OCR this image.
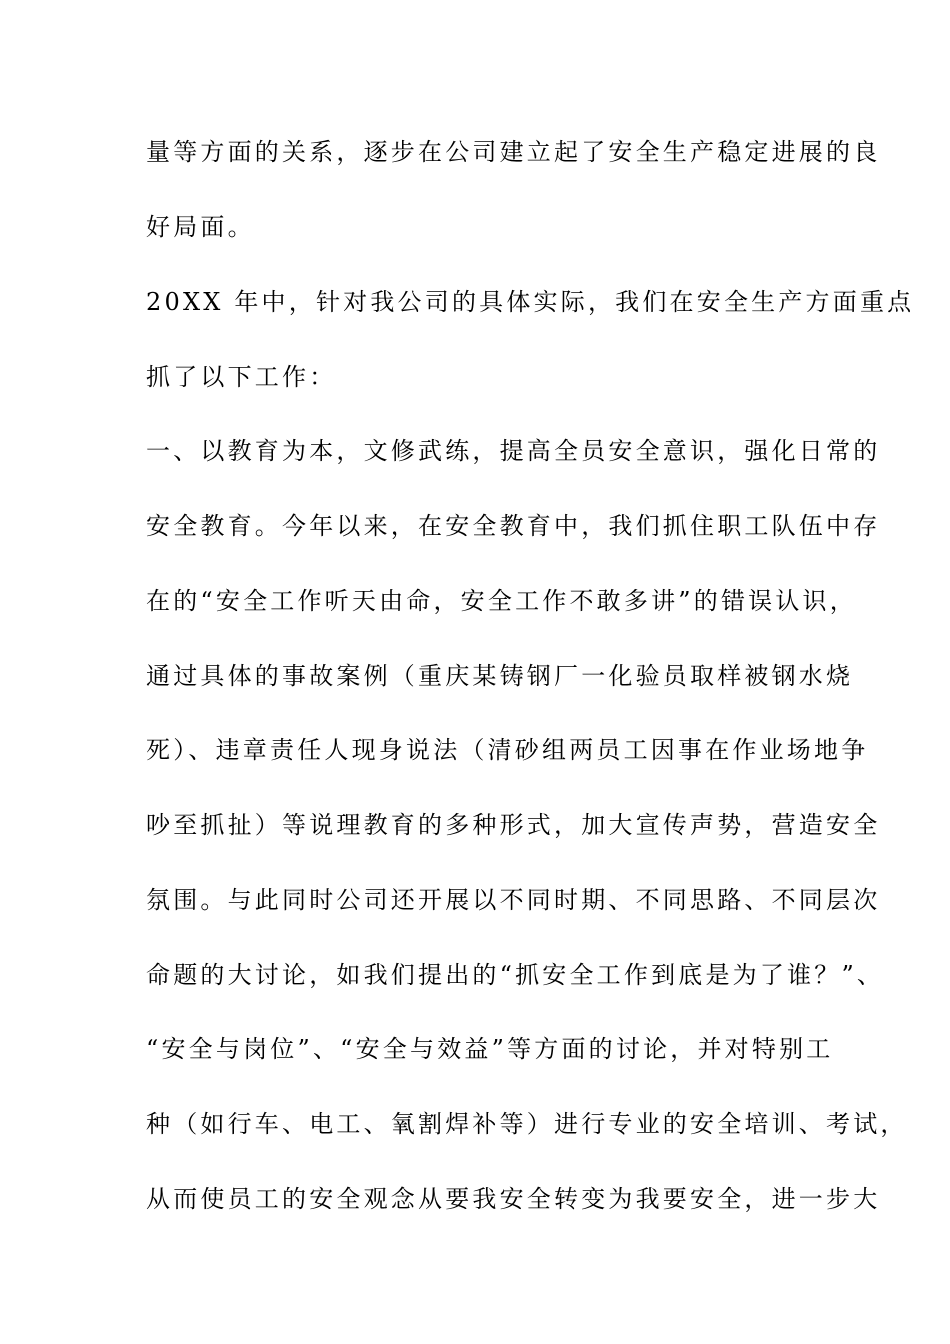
量等方面的关系，逐步在公司建立起了安全生产稳定进展的良
好局面。
20XX 年中，针对我公司的具体实际，我们在安全生产方面重点
抓了以下工作：
一、以教育为本，文修武练，提高全员安全意识，强化日常的
安全教育。今年以来，在安全教育中，我们抓住职工队伍中存
在的“安全工作听天由命，安全工作不敢多讲”的错误认识，
通过具体的事故案例（重庆某铸钢厂一化验员取样被钢水烧
死）、违章责任人现身说法（清砂组两员工因事在作业场地争
吵至抓扯）等说理教育的多种形式，加大宣传声势，营造安全
氛围。与此同时公司还开展以不同时期、不同思路、不同层次
命题的大讨论，如我们提出的“抓安全工作到底是为了谁？”、
“安全与岗位”、“安全与效益”等方面的讨论，并对特别工
种（如行车、电工、氧割焊补等）进行专业的安全培训、考试，
从而使员工的安全观念从要我安全转变为我要安全，进一步大
